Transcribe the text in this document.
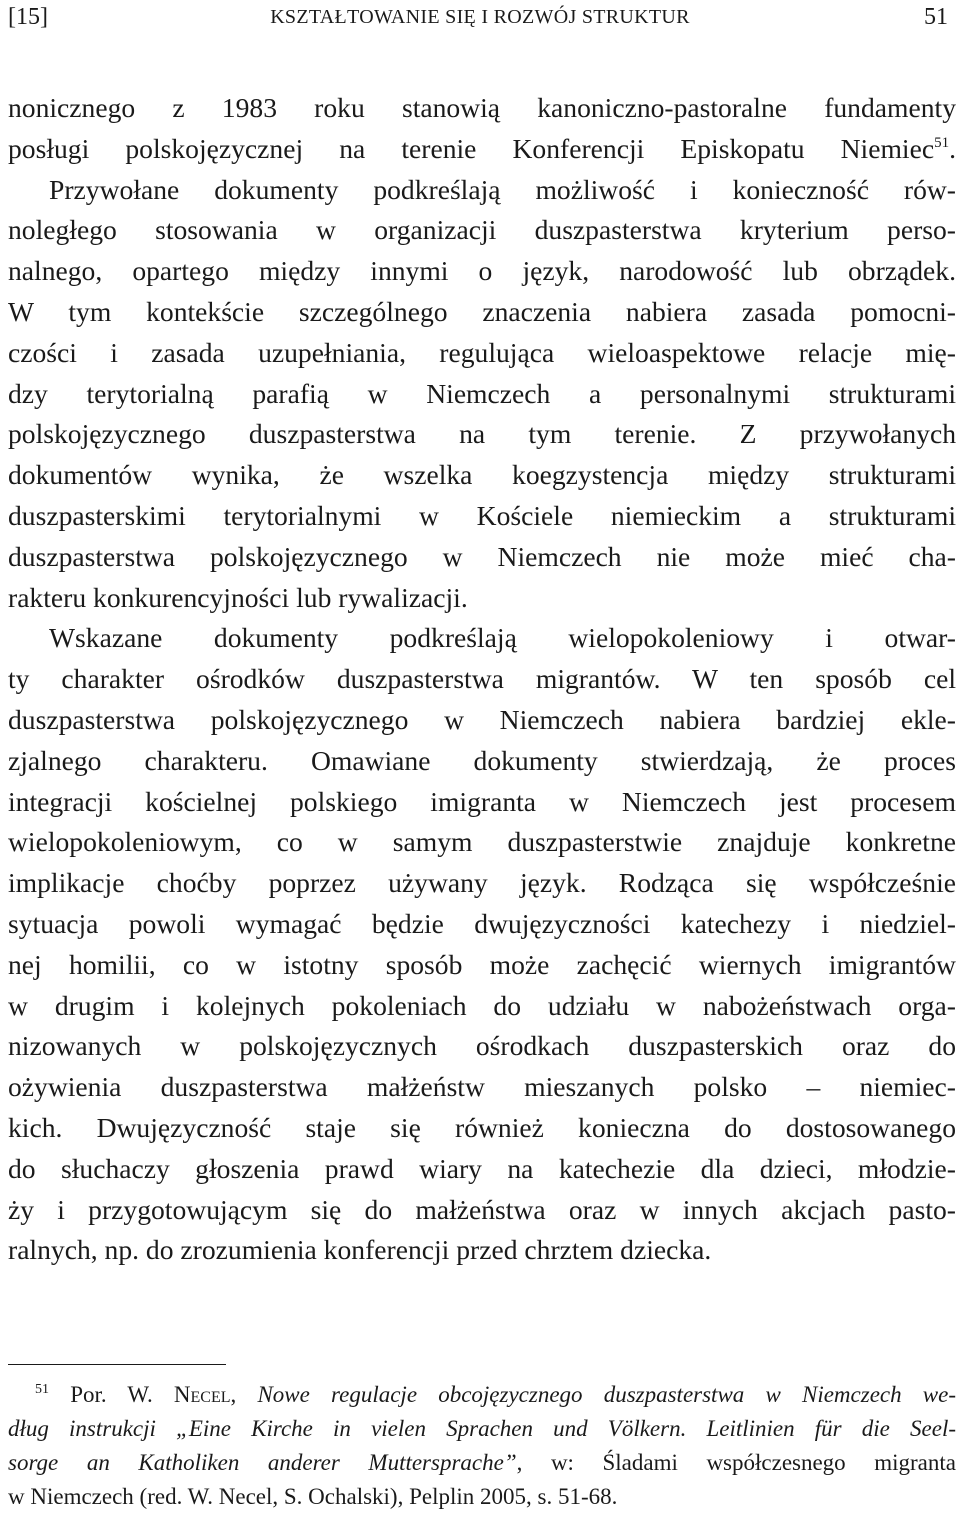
[15]	KSZTAŁTOWANIE SIĘ I ROZWÓJ STRUKTUR	51
nonicznego z 1983 roku stanowią kanoniczno-pastoralne fundamenty
posługi polskojęzycznej na terenie Konferencji Episkopatu Niemiec$^{51}$.
Przywołane dokumenty podkreślają możliwość i konieczność rów-
noległego stosowania w organizacji duszpasterstwa kryterium perso-
nalnego, opartego między innymi o język, narodowość lub obrządek.
W tym kontekście szczególnego znaczenia nabiera zasada pomocni-
czości i zasada uzupełniania, regulująca wieloaspektowe relacje mię-
dzy terytorialną parafią w Niemczech a personalnymi strukturami
polskojęzycznego duszpasterstwa na tym terenie. Z przywołanych
dokumentów wynika, że wszelka koegzystencja między strukturami
duszpasterskimi terytorialnymi w Kościele niemieckim a strukturami
duszpasterstwa polskojęzycznego w Niemczech nie może mieć cha-
rakteru konkurencyjności lub rywalizacji.
Wskazane dokumenty podkreślają wielopokoleniowy i otwar-
ty charakter ośrodków duszpasterstwa migrantów. W ten sposób cel
duszpasterstwa polskojęzycznego w Niemczech nabiera bardziej ekle-
zjalnego charakteru. Omawiane dokumenty stwierdzają, że proces
integracji kościelnej polskiego imigranta w Niemczech jest procesem
wielopokoleniowym, co w samym duszpasterstwie znajduje konkretne
implikacje choćby poprzez używany język. Rodząca się współcześnie
sytuacja powoli wymagać będzie dwujęzyczności katechezy i niedziel-
nej homilii, co w istotny sposób może zachęcić wiernych imigrantów
w drugim i kolejnych pokoleniach do udziału w nabożeństwach orga-
nizowanych w polskojęzycznych ośrodkach duszpasterskich oraz do
ożywienia duszpasterstwa małżeństw mieszanych polsko – niemiec-
kich. Dwujęzyczność staje się również konieczna do dostosowanego
do słuchaczy głoszenia prawd wiary na katechezie dla dzieci, młodzie-
ży i przygotowującym się do małżeństwa oraz w innych akcjach pasto-
ralnych, np. do zrozumienia konferencji przed chrztem dziecka.
$^{51}$ Por. W. Necel, Nowe regulacje obcojęzycznego duszpasterstwa w Niemczech we-
dług instrukcji „Eine Kirche in vielen Sprachen und Völkern. Leitlinien für die Seel-
sorge an Katholiken anderer Muttersprache”, w: Śladami współczesnego migranta
w Niemczech (red. W. Necel, S. Ochalski), Pelplin 2005, s. 51-68.
